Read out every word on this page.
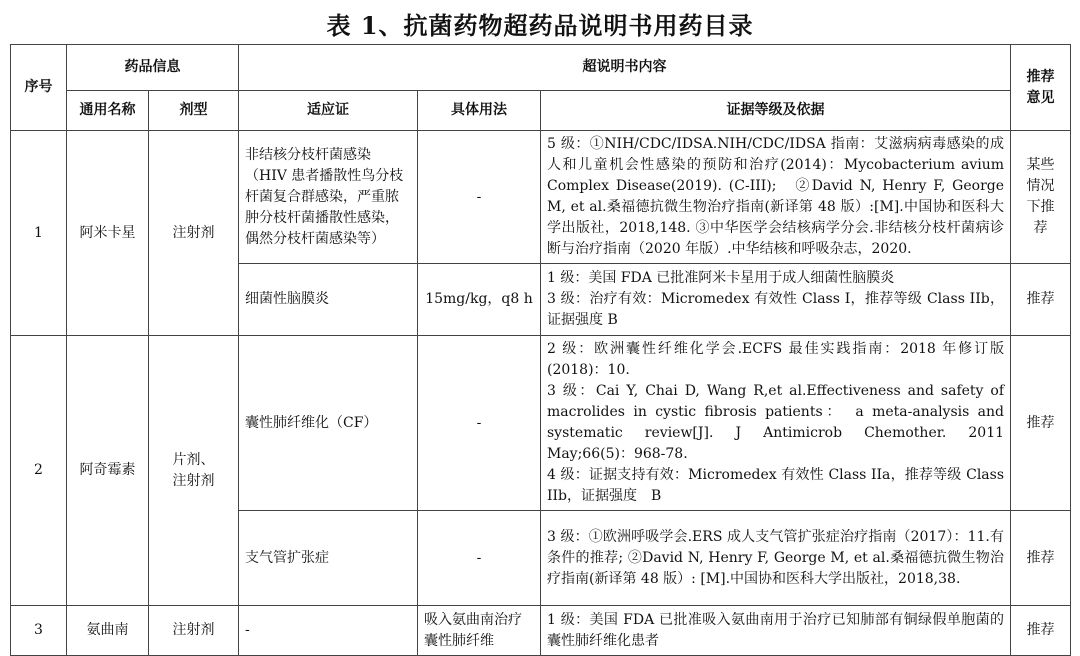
表 1、抗菌药物超药品说明书用药目录
序号	药品信息		超说明书内容			推荐意见
	通用名称	剂型	适应证	具体用法	证据等级及依据	
1	阿米卡星	注射剂	非结核分枝杆菌感染（HIV 患者播散性鸟分枝杆菌复合群感染，严重脓肿分枝杆菌播散性感染，偶然分枝杆菌感染等）	-	5 级：①NIH/CDC/IDSA.NIH/CDC/IDSA 指南：艾滋病病毒感染的成人和儿童机会性感染的预防和治疗(2014)：Mycobacterium avium Complex Disease(2019). (C-III);　②David N, Henry F, George M, et al.桑福德抗微生物治疗指南(新译第 48 版）:[M].中国协和医科大学出版社，2018,148. ③中华医学会结核病学分会.非结核分枝杆菌病诊断与治疗指南（2020 年版）.中华结核和呼吸杂志，2020.	某些情况下推荐
			细菌性脑膜炎	15mg/kg，q8 h	1 级：美国 FDA 已批准阿米卡星用于成人细菌性脑膜炎
3 级：治疗有效：Micromedex 有效性 Class I，推荐等级 Class IIb，证据强度 B	推荐
2	阿奇霉素	片剂、注射剂	囊性肺纤维化（CF）	-	2 级：欧洲囊性纤维化学会.ECFS 最佳实践指南：2018 年修订版(2018)：10.
3 级：Cai Y, Chai D, Wang R,et al.Effectiveness and safety of macrolides in cystic fibrosis patients：　a meta-analysis and systematic review[J]. J Antimicrob Chemother. 2011 May;66(5)：968-78.
4 级：证据支持有效：Micromedex 有效性 Class IIa，推荐等级 Class IIb，证据强度　B	推荐
			支气管扩张症	-	3 级：①欧洲呼吸学会.ERS 成人支气管扩张症治疗指南（2017）：11.有条件的推荐; ②David N, Henry F, George M, et al.桑福德抗微生物治疗指南(新译第 48 版）: [M].中国协和医科大学出版社，2018,38.	推荐
3	氨曲南	注射剂	-	吸入氨曲南治疗囊性肺纤维	1 级：美国 FDA 已批准吸入氨曲南用于治疗已知肺部有铜绿假单胞菌的囊性肺纤维化患者	推荐
